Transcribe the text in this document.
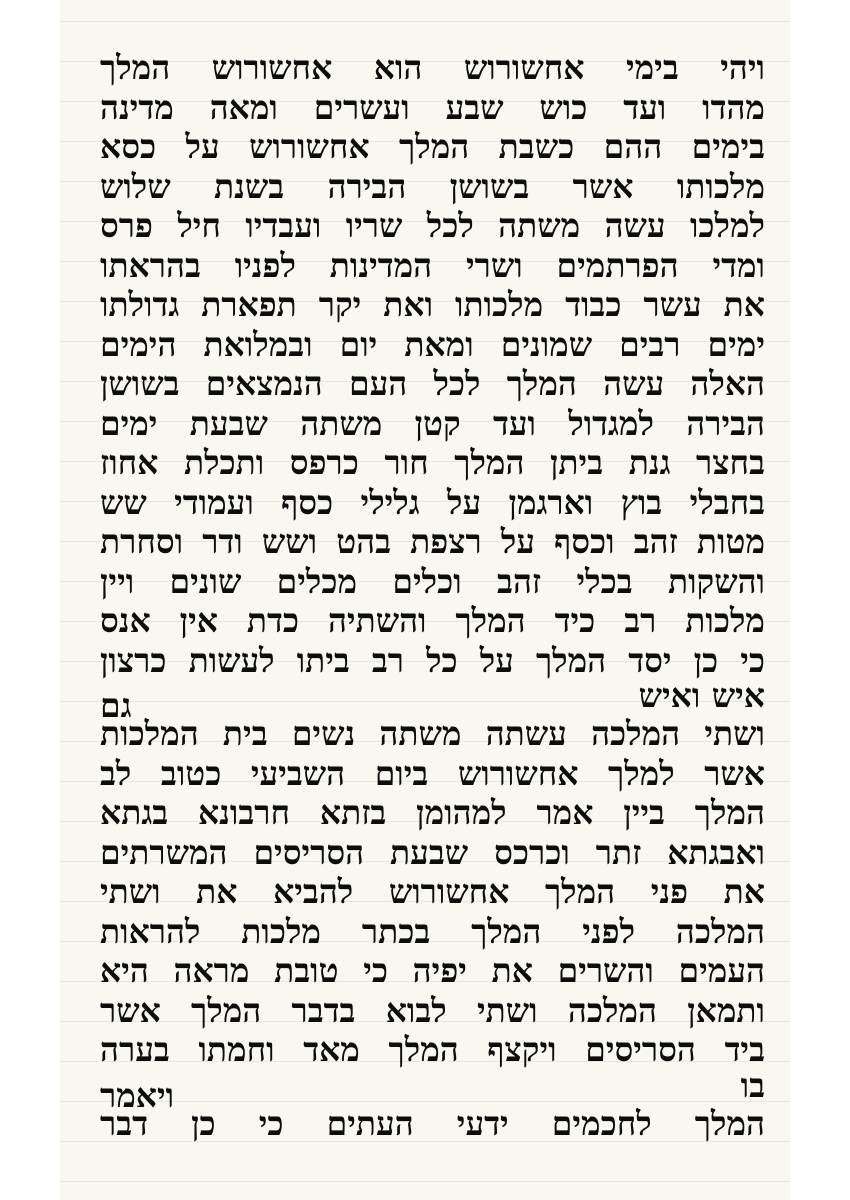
ויהי בימי אחשורוש הוא אחשורוש המלך
מהדו ועד כוש שבע ועשרים ומאה מדינה
בימים ההם כשבת המלך אחשורוש על כסא
מלכותו אשר בשושן הבירה בשנת שלוש
למלכו עשה משתה לכל שריו ועבדיו חיל פרס
ומדי הפרתמים ושרי המדינות לפניו בהראתו
את עשר כבוד מלכותו ואת יקר תפארת גדולתו
ימים רבים שמונים ומאת יום ובמלואת הימים
האלה עשה המלך לכל העם הנמצאים בשושן
הבירה למגדול ועד קטן משתה שבעת ימים
בחצר גנת ביתן המלך חור כרפס ותכלת אחוז
בחבלי בוץ וארגמן על גלילי כסף ועמודי שש
מטות זהב וכסף על רצפת בהט ושש ודר וסחרת
והשקות בכלי זהב וכלים מכלים שונים ויין
מלכות רב כיד המלך והשתיה כדת אין אנס
כי כן יסד המלך על כל רב ביתו לעשות כרצון
איש ואיש
גם
ושתי המלכה עשתה משתה נשים בית המלכות
אשר למלך אחשורוש ביום השביעי כטוב לב
המלך ביין אמר למהומן בזתא חרבונא בגתא
ואבגתא זתר וכרכס שבעת הסריסים המשרתים
את פני המלך אחשורוש להביא את ושתי
המלכה לפני המלך בכתר מלכות להראות
העמים והשרים את יפיה כי טובת מראה היא
ותמאן המלכה ושתי לבוא בדבר המלך אשר
ביד הסריסים ויקצף המלך מאד וחמתו בערה
בו
ויאמר
המלך לחכמים ידעי העתים כי כן דבר
